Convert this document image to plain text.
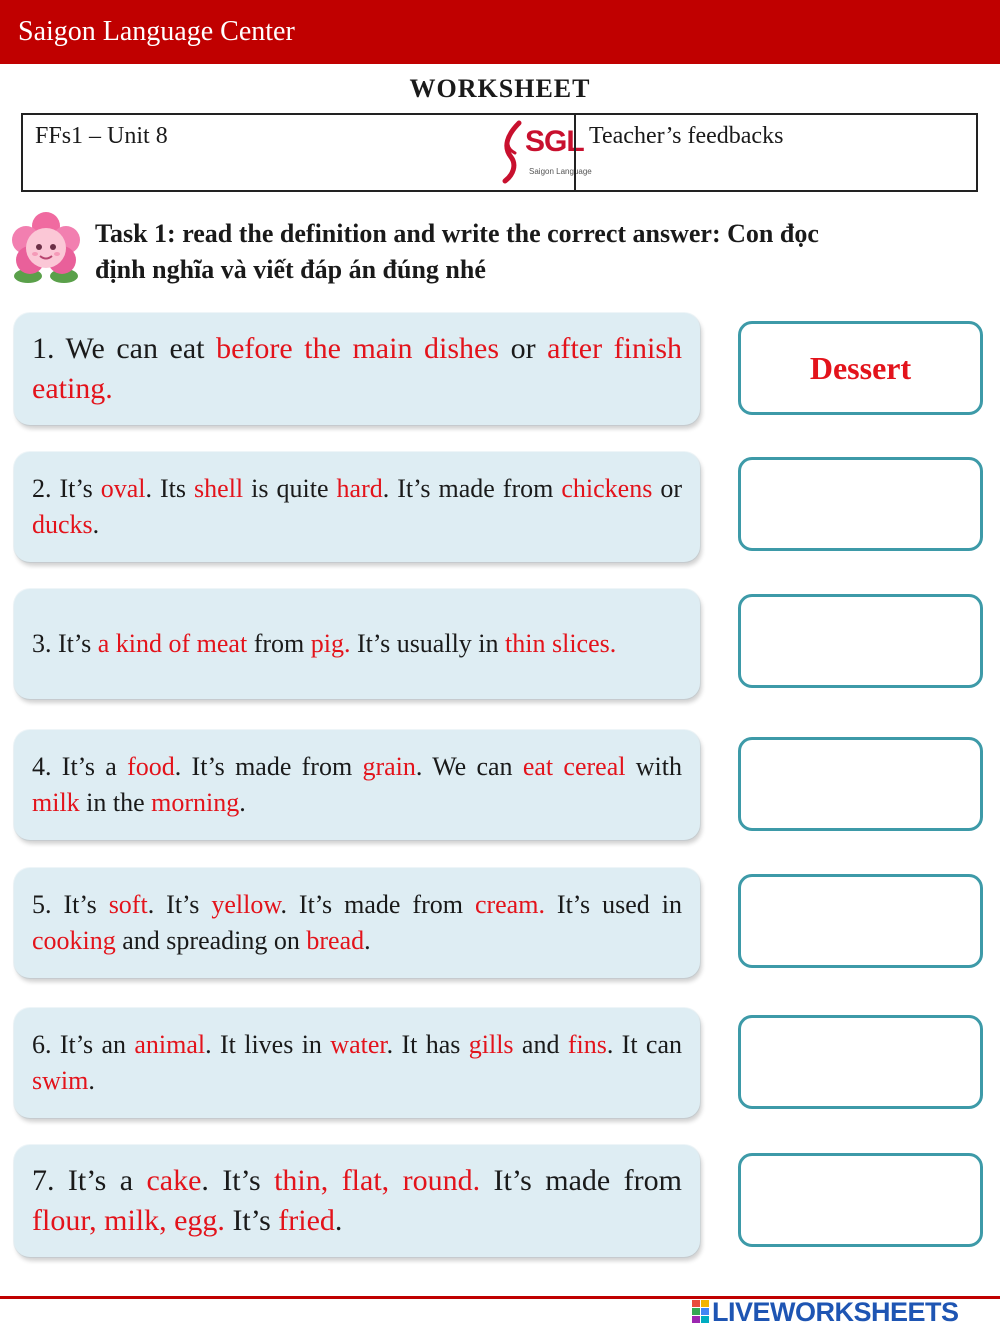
Saigon Language Center
WORKSHEET
FFs1 – Unit 8	SGL
Saigon Language
Teacher’s feedbacks
Task 1: read the definition and write the correct answer: Con đọc
định nghĩa và viết đáp án đúng nhé
1. We can eat before the main dishes or after finish eating.
Dessert
2. It’s oval. Its shell is quite hard. It’s made from chickens or ducks.
3. It’s a kind of meat from pig. It’s usually in thin slices.
4. It’s a food. It’s made from grain. We can eat cereal with milk in the morning.
5. It’s soft. It’s yellow. It’s made from cream. It’s used in cooking and spreading on bread.
6. It’s an animal. It lives in water. It has gills and fins. It can swim.
7. It’s a cake. It’s thin, flat, round. It’s made from flour, milk, egg. It’s fried.
LIVEWORKSHEETS
